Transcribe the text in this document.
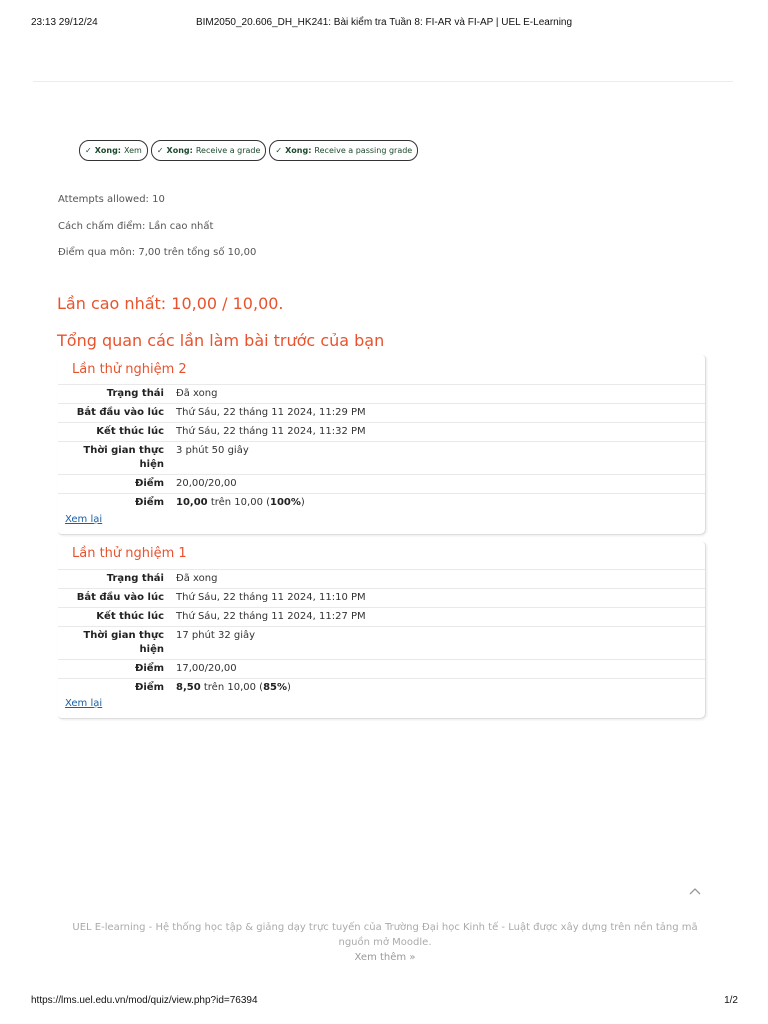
23:13 29/12/24	BIM2050_20.606_DH_HK241: Bài kiểm tra Tuần 8: FI-AR và FI-AP | UEL E-Learning
✓ Xong: Xem ✓ Xong: Receive a grade ✓ Xong: Receive a passing grade
Attempts allowed: 10
Cách chấm điểm: Lần cao nhất
Điểm qua môn: 7,00 trên tổng số 10,00
Lần cao nhất: 10,00 / 10,00.
Tổng quan các lần làm bài trước của bạn
Lần thử nghiệm 2
Trạng thái	Đã xong
Bắt đầu vào lúc	Thứ Sáu, 22 tháng 11 2024, 11:29 PM
Kết thúc lúc	Thứ Sáu, 22 tháng 11 2024, 11:32 PM
Thời gian thực hiện	3 phút 50 giây
Điểm	20,00/20,00
Điểm	10,00 trên 10,00 (100%)
Xem lại
Lần thử nghiệm 1
Trạng thái	Đã xong
Bắt đầu vào lúc	Thứ Sáu, 22 tháng 11 2024, 11:10 PM
Kết thúc lúc	Thứ Sáu, 22 tháng 11 2024, 11:27 PM
Thời gian thực hiện	17 phút 32 giây
Điểm	17,00/20,00
Điểm	8,50 trên 10,00 (85%)
Xem lại
UEL E-learning - Hệ thống học tập & giảng dạy trực tuyến của Trường Đại học Kinh tế - Luật được xây dựng trên nền tảng mã nguồn mở Moodle.
Xem thêm »
https://lms.uel.edu.vn/mod/quiz/view.php?id=76394	1/2
